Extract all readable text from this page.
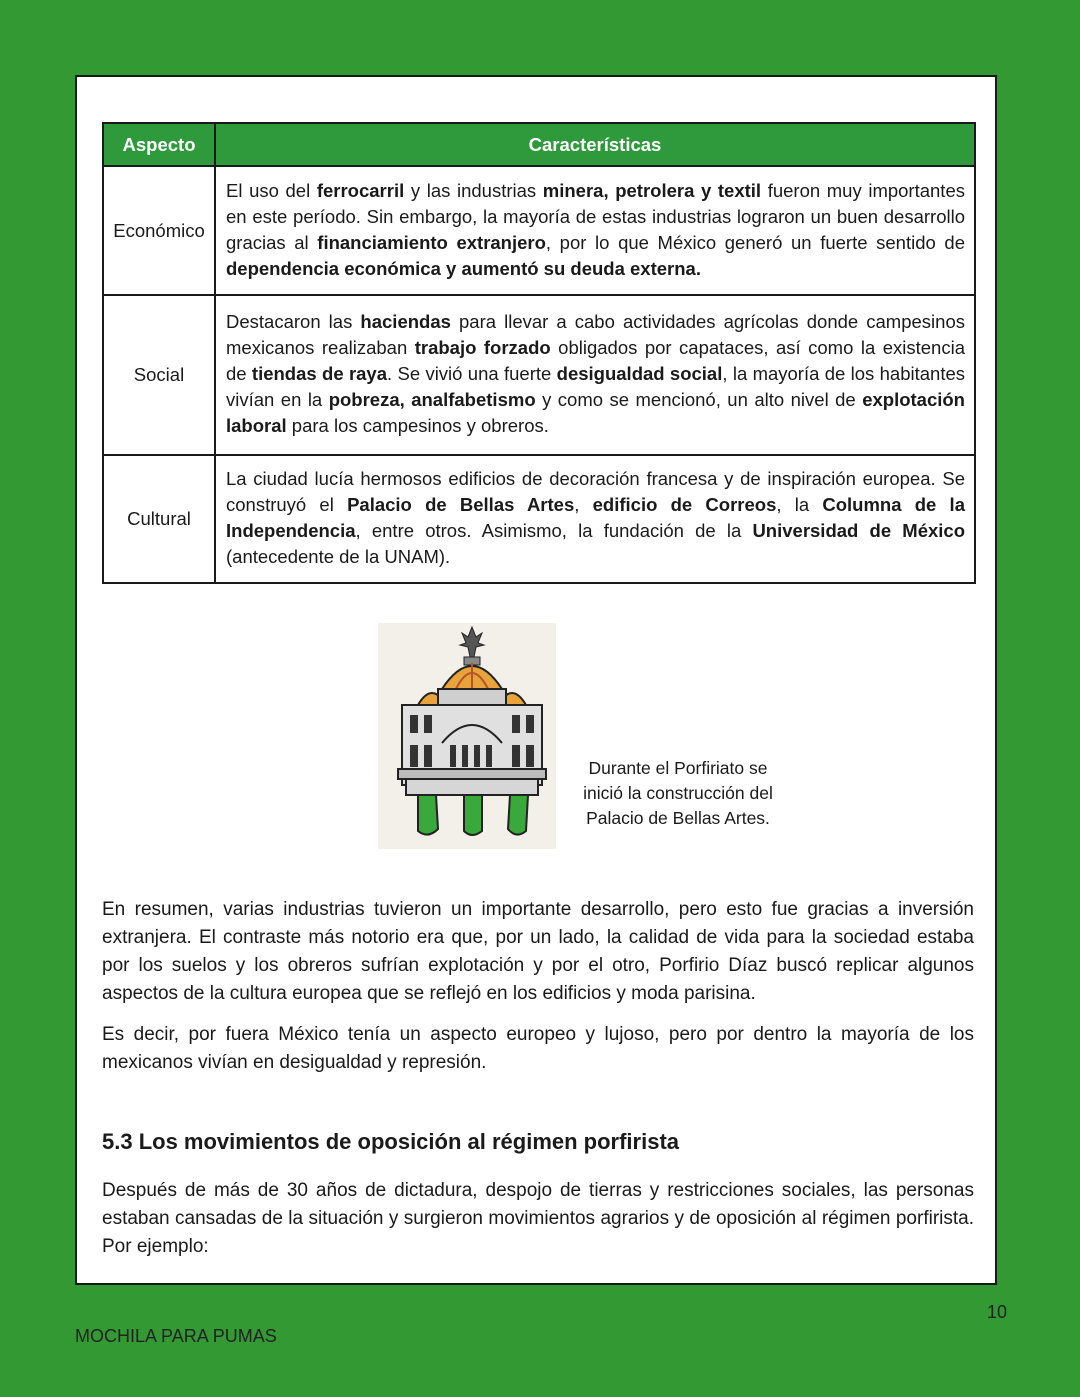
Aspecto	Características
Económico	El uso del ferrocarril y las industrias minera, petrolera y textil fueron muy importantes en este período. Sin embargo, la mayoría de estas industrias lograron un buen desarrollo gracias al financiamiento extranjero, por lo que México generó un fuerte sentido de dependencia económica y aumentó su deuda externa.
Social	Destacaron las haciendas para llevar a cabo actividades agrícolas donde campesinos mexicanos realizaban trabajo forzado obligados por capataces, así como la existencia de tiendas de raya. Se vivió una fuerte desigualdad social, la mayoría de los habitantes vivían en la pobreza, analfabetismo y como se mencionó, un alto nivel de explotación laboral para los campesinos y obreros.
Cultural	La ciudad lucía hermosos edificios de decoración francesa y de inspiración europea. Se construyó el Palacio de Bellas Artes, edificio de Correos, la Columna de la Independencia, entre otros. Asimismo, la fundación de la Universidad de México (antecedente de la UNAM).
Durante el Porfiriato se
inició la construcción del
Palacio de Bellas Artes.

En resumen, varias industrias tuvieron un importante desarrollo, pero esto fue gracias a inversión extranjera. El contraste más notorio era que, por un lado, la calidad de vida para la sociedad estaba por los suelos y los obreros sufrían explotación y por el otro, Porfirio Díaz buscó replicar algunos aspectos de la cultura europea que se reflejó en los edificios y moda parisina.

Es decir, por fuera México tenía un aspecto europeo y lujoso, pero por dentro la mayoría de los mexicanos vivían en desigualdad y represión.

5.3 Los movimientos de oposición al régimen porfirista

Después de más de 30 años de dictadura, despojo de tierras y restricciones sociales, las personas estaban cansadas de la situación y surgieron movimientos agrarios y de oposición al régimen porfirista. Por ejemplo:

10
MOCHILA PARA PUMAS
